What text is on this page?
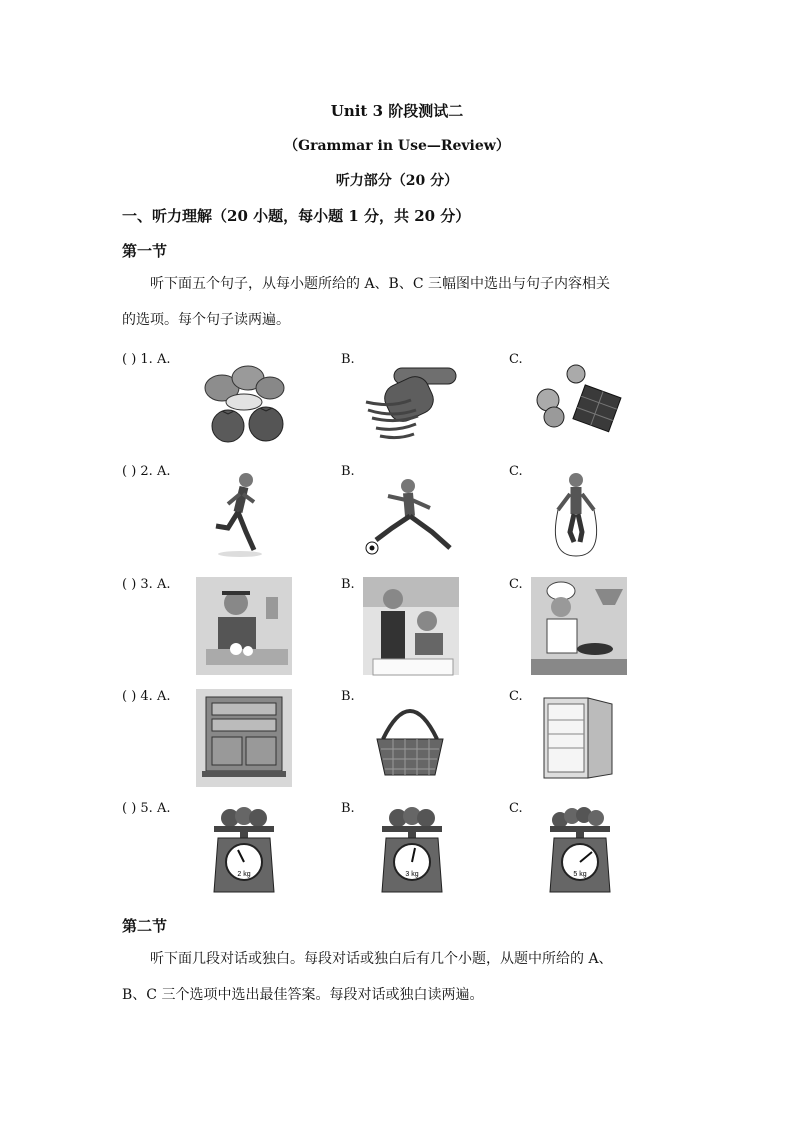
Unit 3 阶段测试二
（Grammar in Use—Review）
听力部分（20 分）
一、听力理解（20 小题，每小题 1 分，共 20 分）
第一节
听下面五个句子，从每小题所给的 A、B、C 三幅图中选出与句子内容相关
的选项。每个句子读两遍。
( ) 1. A.	B.	C.
( ) 2. A.	B.	C.
( ) 3. A.	B.	C.
( ) 4. A.	B.	C.
( ) 5. A.	B.	C.
2 kg	3 kg	5 kg
第二节
听下面几段对话或独白。每段对话或独白后有几个小题，从题中所给的 A、
B、C 三个选项中选出最佳答案。每段对话或独白读两遍。
